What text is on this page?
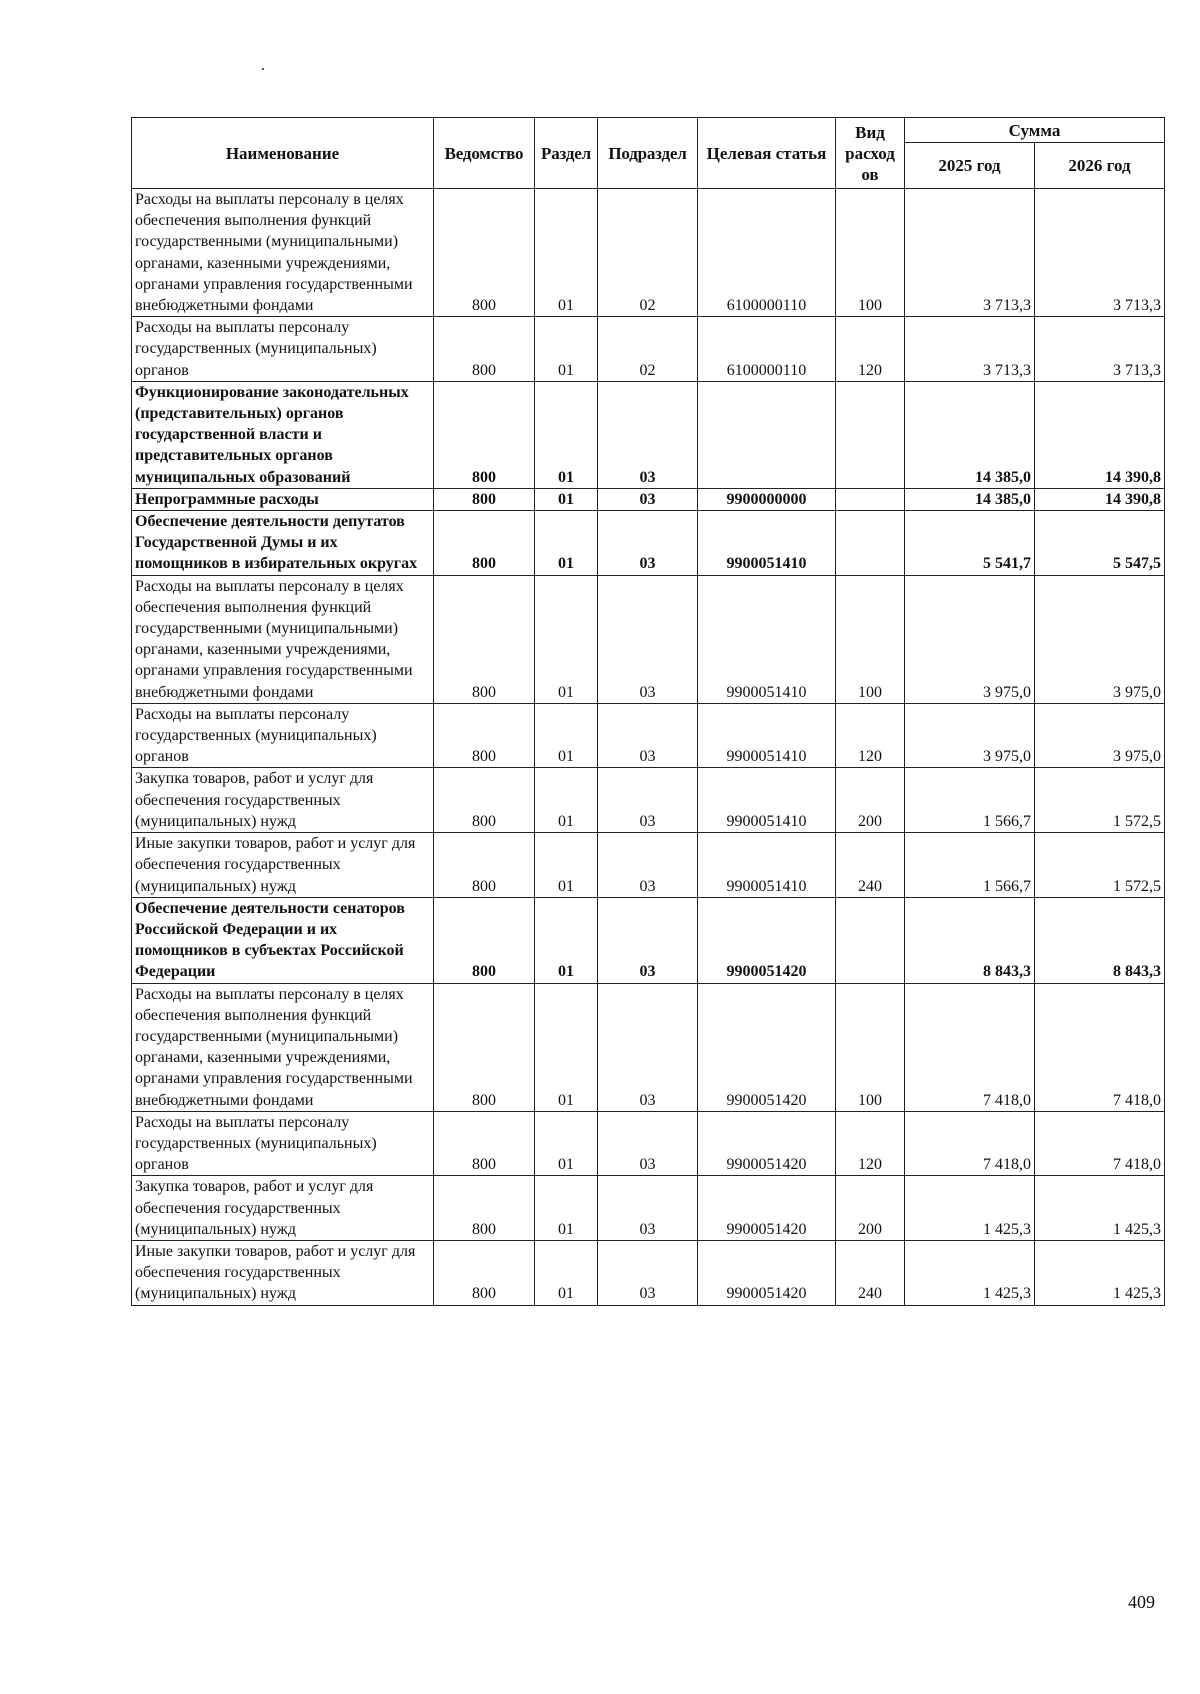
Наименование	Ведомство	Раздел	Подраздел	Целевая статья	Вид расход ов	Сумма	
						2025 год	2026 год
Расходы на выплаты персоналу в целях обеспечения выполнения функций государственными (муниципальными) органами, казенными учреждениями, органами управления государственными внебюджетными фондами	800	01	02	6100000110	100	3 713,3	3 713,3
Расходы на выплаты персоналу государственных (муниципальных) органов	800	01	02	6100000110	120	3 713,3	3 713,3
Функционирование законодательных (представительных) органов государственной власти и представительных органов муниципальных образований	800	01	03			14 385,0	14 390,8
Непрограммные расходы	800	01	03	9900000000		14 385,0	14 390,8
Обеспечение деятельности депутатов Государственной Думы и их помощников в избирательных округах	800	01	03	9900051410		5 541,7	5 547,5
Расходы на выплаты персоналу в целях обеспечения выполнения функций государственными (муниципальными) органами, казенными учреждениями, органами управления государственными внебюджетными фондами	800	01	03	9900051410	100	3 975,0	3 975,0
Расходы на выплаты персоналу государственных (муниципальных) органов	800	01	03	9900051410	120	3 975,0	3 975,0
Закупка товаров, работ и услуг для обеспечения государственных (муниципальных) нужд	800	01	03	9900051410	200	1 566,7	1 572,5
Иные закупки товаров, работ и услуг для обеспечения государственных (муниципальных) нужд	800	01	03	9900051410	240	1 566,7	1 572,5
Обеспечение деятельности сенаторов Российской Федерации и их помощников в субъектах Российской Федерации	800	01	03	9900051420		8 843,3	8 843,3
Расходы на выплаты персоналу в целях обеспечения выполнения функций государственными (муниципальными) органами, казенными учреждениями, органами управления государственными внебюджетными фондами	800	01	03	9900051420	100	7 418,0	7 418,0
Расходы на выплаты персоналу государственных (муниципальных) органов	800	01	03	9900051420	120	7 418,0	7 418,0
Закупка товаров, работ и услуг для обеспечения государственных (муниципальных) нужд	800	01	03	9900051420	200	1 425,3	1 425,3
Иные закупки товаров, работ и услуг для обеспечения государственных (муниципальных) нужд	800	01	03	9900051420	240	1 425,3	1 425,3
409
